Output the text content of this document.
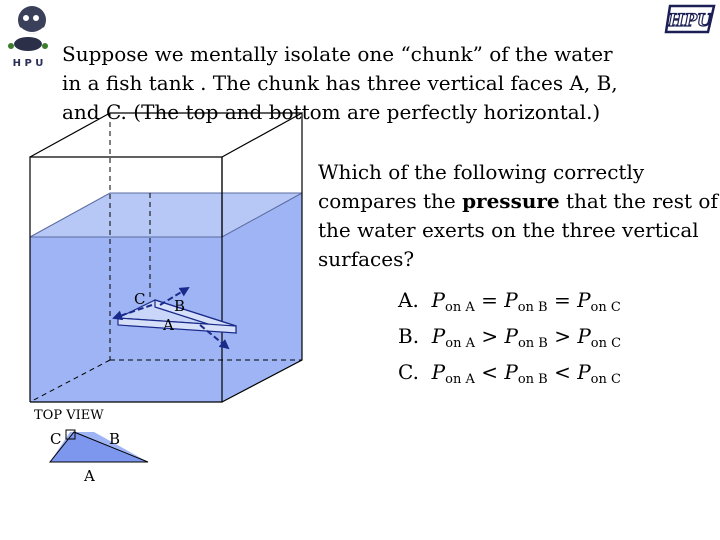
H P U
HPU

Suppose we mentally isolate one “chunk” of the water in a fish tank . The chunk has three vertical faces A, B, and C. (The top and bottom are perfectly horizontal.)

Which of the following correctly compares the pressure that the rest of the water exerts on the three vertical surfaces?

A. $P_{on A} = P_{on B} = P_{on C}$
B. $P_{on A} > P_{on B} > P_{on C}$
C. $P_{on A} < P_{on B} < P_{on C}$
C B
A
TOP VIEW
C	B
A
